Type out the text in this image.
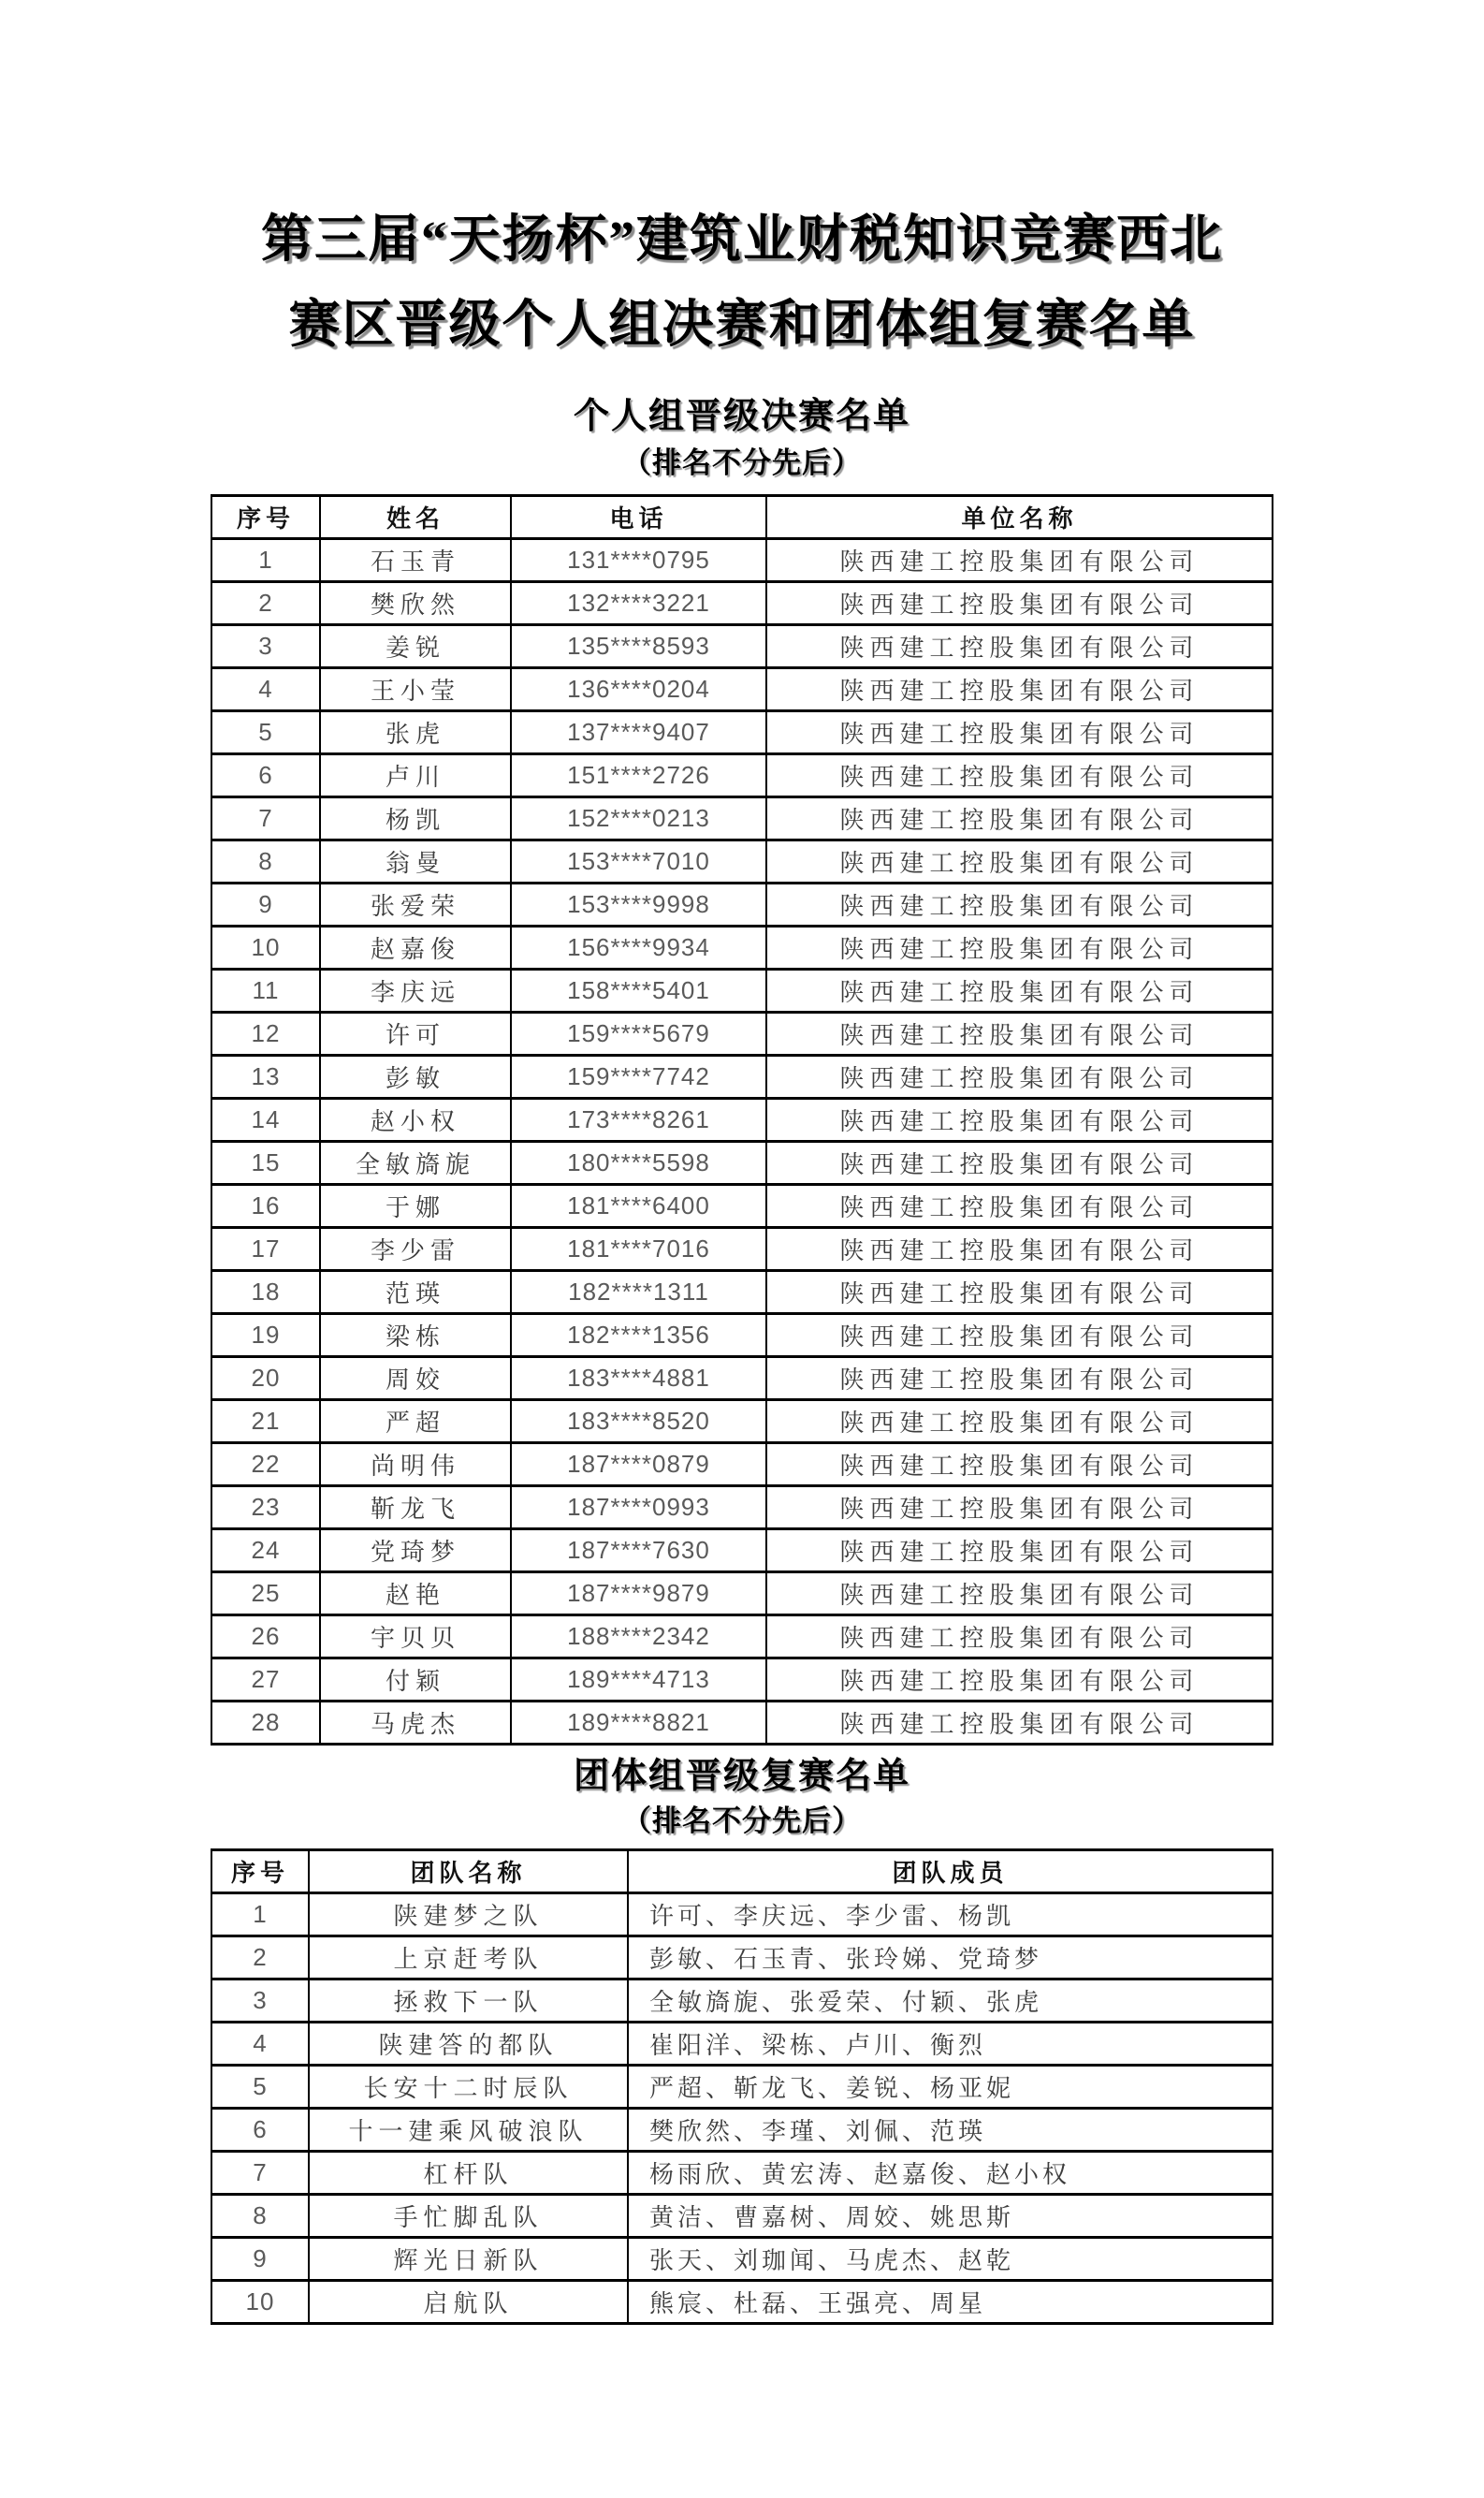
第三届“天扬杯”建筑业财税知识竞赛西北
赛区晋级个人组决赛和团体组复赛名单
个人组晋级决赛名单
（排名不分先后）
序号	姓名	电话	单位名称
1	石玉青	131****0795	陕西建工控股集团有限公司
2	樊欣然	132****3221	陕西建工控股集团有限公司
3	姜锐	135****8593	陕西建工控股集团有限公司
4	王小莹	136****0204	陕西建工控股集团有限公司
5	张虎	137****9407	陕西建工控股集团有限公司
6	卢川	151****2726	陕西建工控股集团有限公司
7	杨凯	152****0213	陕西建工控股集团有限公司
8	翁曼	153****7010	陕西建工控股集团有限公司
9	张爱荣	153****9998	陕西建工控股集团有限公司
10	赵嘉俊	156****9934	陕西建工控股集团有限公司
11	李庆远	158****5401	陕西建工控股集团有限公司
12	许可	159****5679	陕西建工控股集团有限公司
13	彭敏	159****7742	陕西建工控股集团有限公司
14	赵小权	173****8261	陕西建工控股集团有限公司
15	全敏旖旎	180****5598	陕西建工控股集团有限公司
16	于娜	181****6400	陕西建工控股集团有限公司
17	李少雷	181****7016	陕西建工控股集团有限公司
18	范瑛	182****1311	陕西建工控股集团有限公司
19	梁栋	182****1356	陕西建工控股集团有限公司
20	周姣	183****4881	陕西建工控股集团有限公司
21	严超	183****8520	陕西建工控股集团有限公司
22	尚明伟	187****0879	陕西建工控股集团有限公司
23	靳龙飞	187****0993	陕西建工控股集团有限公司
24	党琦梦	187****7630	陕西建工控股集团有限公司
25	赵艳	187****9879	陕西建工控股集团有限公司
26	宇贝贝	188****2342	陕西建工控股集团有限公司
27	付颖	189****4713	陕西建工控股集团有限公司
28	马虎杰	189****8821	陕西建工控股集团有限公司
团体组晋级复赛名单
（排名不分先后）
序号	团队名称	团队成员
1	陕建梦之队	许可、李庆远、李少雷、杨凯
2	上京赶考队	彭敏、石玉青、张玲娣、党琦梦
3	拯救下一队	全敏旖旎、张爱荣、付颖、张虎
4	陕建答的都队	崔阳洋、梁栋、卢川、衡烈
5	长安十二时辰队	严超、靳龙飞、姜锐、杨亚妮
6	十一建乘风破浪队	樊欣然、李瑾、刘佩、范瑛
7	杠杆队	杨雨欣、黄宏涛、赵嘉俊、赵小权
8	手忙脚乱队	黄洁、曹嘉树、周姣、姚思斯
9	辉光日新队	张天、刘珈闻、马虎杰、赵乾
10	启航队	熊宸、杜磊、王强亮、周星
